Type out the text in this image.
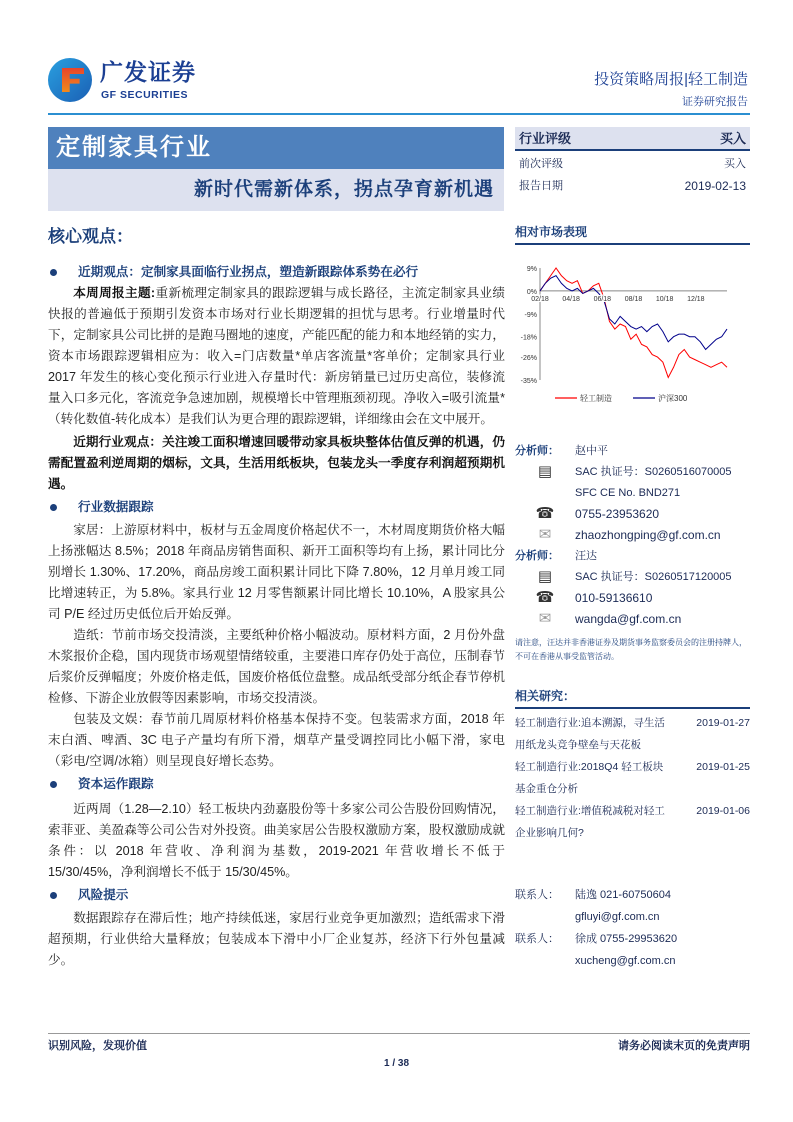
广发证券
GF SECURITIES
投资策略周报|轻工制造
证券研究报告
定制家具行业
新时代需新体系，拐点孕育新机遇
行业评级	买入
前次评级	买入
报告日期	2019-02-13
核心观点：

近期观点：定制家具面临行业拐点，塑造新跟踪体系势在必行

本周周报主题:重新梳理定制家具的跟踪逻辑与成长路径，主流定制家具业绩快报的普遍低于预期引发资本市场对行业长期逻辑的担忧与思考。行业增量时代下，定制家具公司比拼的是跑马圈地的速度，产能匹配的能力和本地经销的实力，资本市场跟踪逻辑相应为：收入=门店数量*单店客流量*客单价；定制家具行业 2017 年发生的核心变化预示行业进入存量时代：新房销量已过历史高位，装修流量入口多元化，客流竞争急速加剧，规模增长中管理瓶颈初现。净收入=吸引流量*（转化数值-转化成本）是我们认为更合理的跟踪逻辑，详细缘由会在文中展开。

近期行业观点：关注竣工面积增速回暖带动家具板块整体估值反弹的机遇，仍需配置盈利逆周期的烟标，文具，生活用纸板块，包装龙头一季度存利润超预期机遇。

行业数据跟踪

家居：上游原材料中，板材与五金周度价格起伏不一，木材周度期货价格大幅上扬涨幅达 8.5%；2018 年商品房销售面积、新开工面积等均有上扬，累计同比分别增长 1.30%、17.20%，商品房竣工面积累计同比下降 7.80%，12 月单月竣工同比增速转正，为 5.8%。家具行业 12 月零售额累计同比增长 10.10%，A 股家具公司 P/E 经过历史低位后开始反弹。

造纸：节前市场交投清淡，主要纸种价格小幅波动。原材料方面，2 月份外盘木浆报价企稳，国内现货市场观望情绪较重，主要港口库存仍处于高位，压制春节后浆价反弹幅度；外废价格走低，国废价格低位盘整。成品纸受部分纸企春节停机检修、下游企业放假等因素影响，市场交投清淡。

包装及文娱：春节前几周原材料价格基本保持不变。包装需求方面，2018 年末白酒、啤酒、3C 电子产量均有所下滑，烟草产量受调控同比小幅下滑，家电（彩电/空调/冰箱）则呈现良好增长态势。

资本运作跟踪

近两周（1.28—2.10）轻工板块内劲嘉股份等十多家公司公告股份回购情况，索菲亚、美盈森等公司公告对外投资。曲美家居公告股权激励方案，股权激励成就条件：以 2018 年营收、净利润为基数，2019-2021 年营收增长不低于 15/30/45%，净利润增长不低于 15/30/45%。

风险提示

数据跟踪存在滞后性；地产持续低迷，家居行业竞争更加激烈；造纸需求下滑超预期，行业供给大量释放；包装成本下滑中小厂企业复苏，经济下行外包量减少。

相对市场表现
9%
0%
-9%
-18%
-26%
-35%
02/18 04/18 06/18 08/18 10/18 12/18
轻工制造	沪深300
分析师：	赵中平
▤	SAC 执证号：S0260516070005
SFC CE No. BND271
☎	0755-23953620
✉	zhaozhongping@gf.com.cn
分析师：	汪达
▤	SAC 执证号：S0260517120005
☎	010-59136610
✉	wangda@gf.com.cn
请注意，汪达并非香港证券及期货事务监察委员会的注册持牌人，不可在香港从事受监管活动。
相关研究：
轻工制造行业:追本溯源，寻生活用纸龙头竞争壁垒与天花板
2019-01-27
轻工制造行业:2018Q4 轻工板块基金重仓分析
2019-01-25
轻工制造行业:增值税减税对轻工企业影响几何?
2019-01-06
联系人：	陆逸 021-60750604
gfluyi@gf.com.cn
联系人：	徐成 0755-29953620
xucheng@gf.com.cn
识别风险，发现价值	请务必阅读末页的免责声明
1 / 38
